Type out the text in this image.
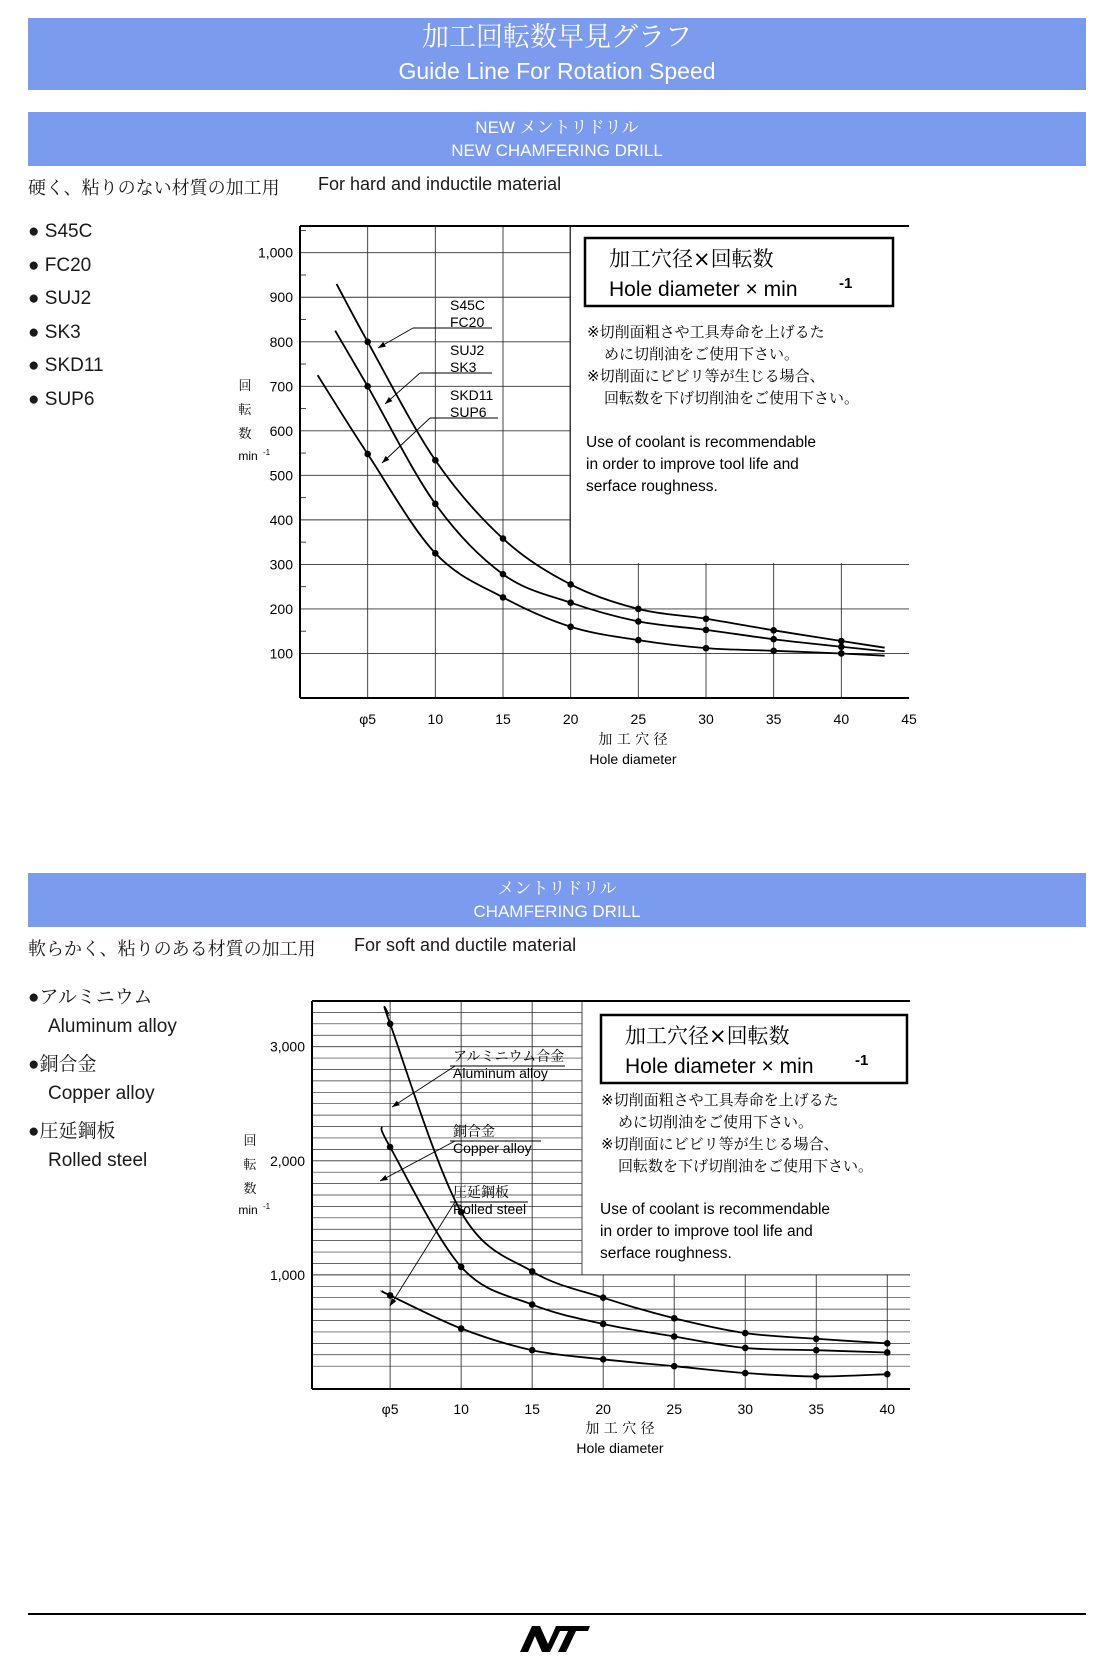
加工回転数早見グラフ
Guide Line For Rotation Speed
NEW メントリドリル
NEW CHAMFERING DRILL
硬く、粘りのない材質の加工用 For hard and inductile material
● S45C
● FC20
● SUJ2
● SK3
● SKD11
● SUP6
メントリドリル
CHAMFERING DRILL
軟らかく、粘りのある材質の加工用 For soft and ductile material
●アルミニウム
Aluminum alloy
●銅合金
Copper alloy
●圧延鋼板
Rolled steel
1,000
900
800
700
600
500
400
300
200
100
φ5	10	15	20	25	30	35	40	45
加 工 穴 径
Hole diameter
回
転
数
min -1
S45C
FC20
SUJ2
SK3
SKD11
SUP6
加工穴径×回転数
Hole diameter × min	-1
※切削面粗さや工具寿命を上げるた
めに切削油をご使用下さい。
※切削面にビビリ等が生じる場合、
回転数を下げ切削油をご使用下さい。
Use of coolant is recommendable
in order to improve tool life and
serface roughness.
3,000
2,000
1,000
φ5	10	15	20	25	30	35	40
加 工 穴 径
Hole diameter
回
転
数
min -1
アルミニウム合金
Aluminum alloy
銅合金
Copper alloy
圧延鋼板
Rolled steel
加工穴径×回転数
Hole diameter × min	-1
※切削面粗さや工具寿命を上げるた
めに切削油をご使用下さい。
※切削面にビビリ等が生じる場合、
回転数を下げ切削油をご使用下さい。
Use of coolant is recommendable
in order to improve tool life and
serface roughness.
